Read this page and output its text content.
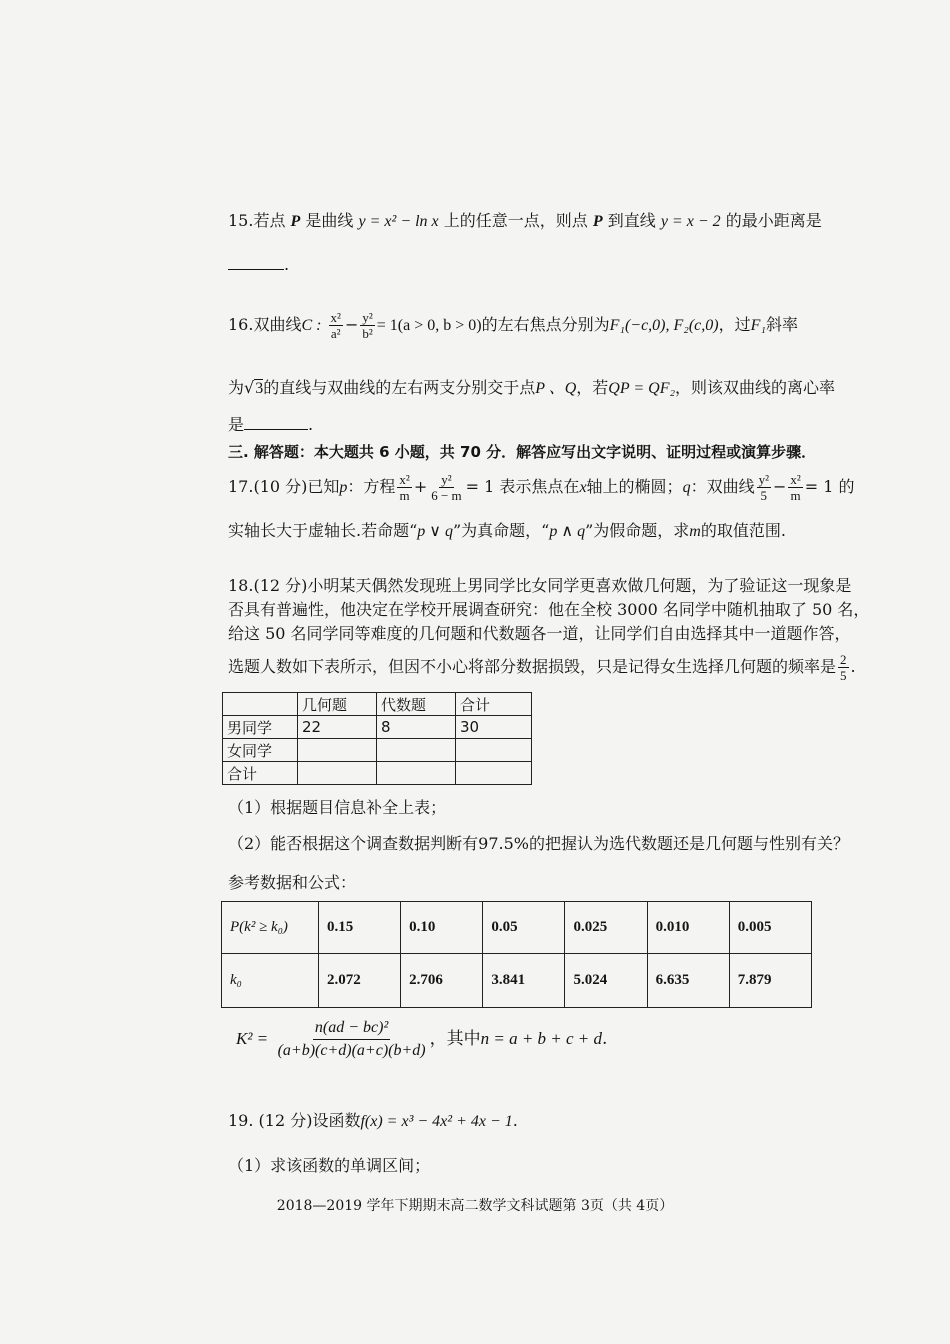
15.若点 P 是曲线 y = x² − ln x 上的任意一点，则点 P 到直线 y = x − 2 的最小距离是
.
16.双曲线C : $\frac{\text{x²}}{\text{a²}} - \frac{\text{y²}}{\text{b²}} = 1(a > 0$, b > 0)的左右焦点分别为F₁(−c,0), F₂(c,0)，过F₁斜率
为√3的直线与双曲线的左右两支分别交于点P 、Q，若QP = QF₂，则该双曲线的离心率
是	.
三. 解答题：本大题共 6 小题，共 70 分．解答应写出文字说明、证明过程或演算步骤．
17.(10 分)已知p：方程 $\frac{\text{x²}}{m} + \frac{\text{y²}}{6 - m} = 1$ 表示焦点在x轴上的椭圆；q：双曲线 $\frac{\text{y²}}{5} - \frac{\text{x²}}{m} = 1$ 的
实轴长大于虚轴长.若命题“p ∨ q”为真命题，“p ∧ q”为假命题，求m的取值范围.
18.(12 分)小明某天偶然发现班上男同学比女同学更喜欢做几何题，为了验证这一现象是
否具有普遍性，他决定在学校开展调查研究：他在全校 3000 名同学中随机抽取了 50 名，
给这 50 名同学同等难度的几何题和代数题各一道，让同学们自由选择其中一道题作答，
选题人数如下表所示，但因不小心将部分数据损毁，只是记得女生选择几何题的频率是 $\frac{2}{5}$ .
	几何题	代数题	合计
男同学	22	8	30
女同学			
合计			
（1）根据题目信息补全上表；
（2）能否根据这个调查数据判断有97.5%的把握认为选代数题还是几何题与性别有关？
参考数据和公式：
P(k² ≥ k₀)	0.15	0.10	0.05	0.025	0.010	0.005
k₀	2.072	2.706	3.841	5.024	6.635	7.879
$K^2 = \frac{\text{n(ad − bc)²}}{(a+b)(c+d)(a+c)(b+d)}$ ，其中n = a + b + c + d.
19. (12 分)设函数f(x) = x³ − 4x² + 4x − 1.
（1）求该函数的单调区间；
2018—2019 学年下期期末高二数学文科试题第 3页（共 4页）
